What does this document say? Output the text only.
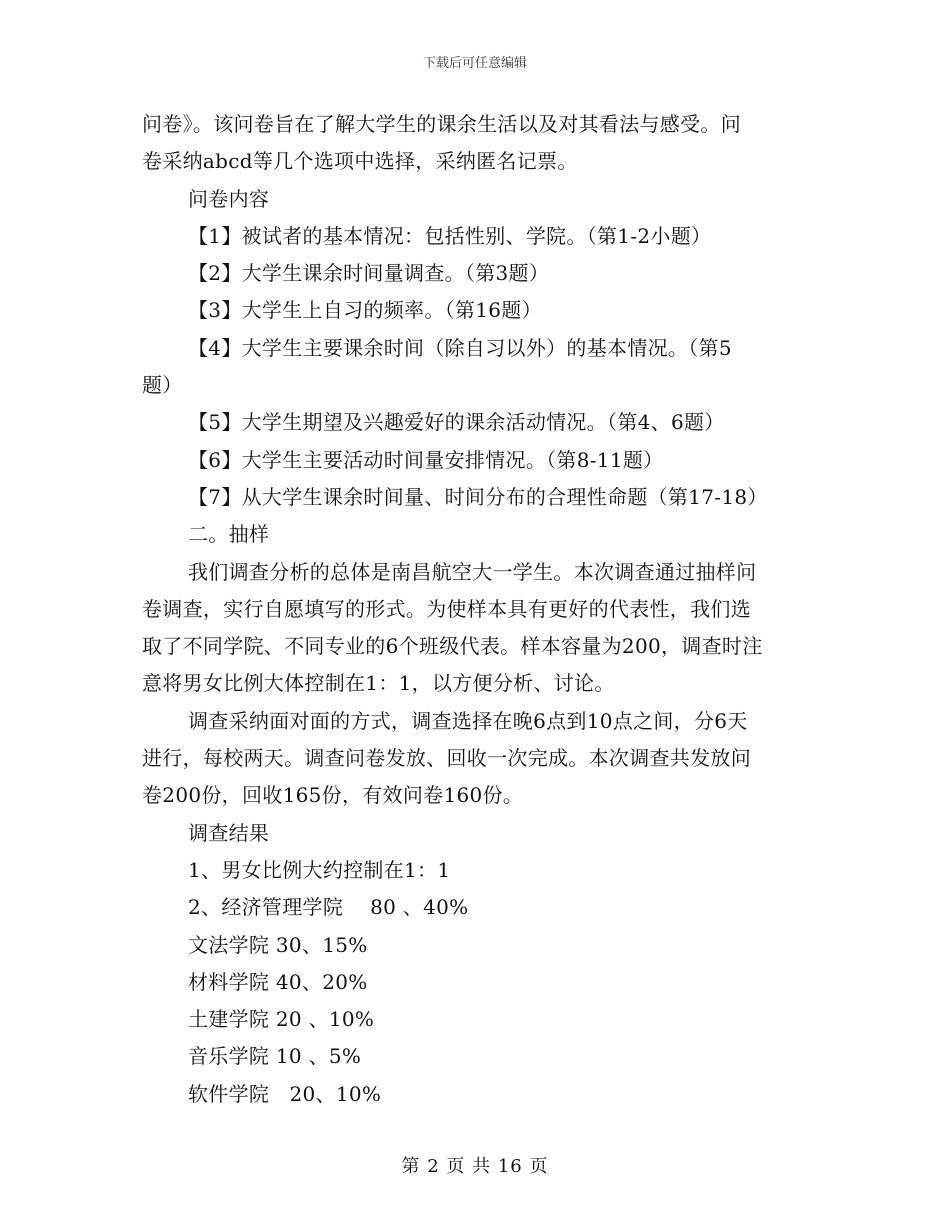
下载后可任意编辑
问卷》。该问卷旨在了解大学生的课余生活以及对其看法与感受。问
卷采纳abcd等几个选项中选择，采纳匿名记票。
问卷内容
【1】被试者的基本情况：包括性别、学院。（第1-2小题）
【2】大学生课余时间量调查。（第3题）
【3】大学生上自习的频率。（第16题）
【4】大学生主要课余时间（除自习以外）的基本情况。（第5
题）
【5】大学生期望及兴趣爱好的课余活动情况。（第4、6题）
【6】大学生主要活动时间量安排情况。（第8-11题）
【7】从大学生课余时间量、时间分布的合理性命题（第17-18）
二。抽样
我们调查分析的总体是南昌航空大一学生。本次调查通过抽样问
卷调查，实行自愿填写的形式。为使样本具有更好的代表性，我们选
取了不同学院、不同专业的6个班级代表。样本容量为200，调查时注
意将男女比例大体控制在1：1，以方便分析、讨论。
调查采纳面对面的方式，调查选择在晚6点到10点之间，分6天
进行，每校两天。调查问卷发放、回收一次完成。本次调查共发放问
卷200份，回收165份，有效问卷160份。
调查结果
1、男女比例大约控制在1：1
2、经济管理学院　 80 、40%
文法学院 30、15%
材料学院 40、20%
土建学院 20 、10%
音乐学院 10 、5%
软件学院　20、10%
第 2 页 共 16 页
